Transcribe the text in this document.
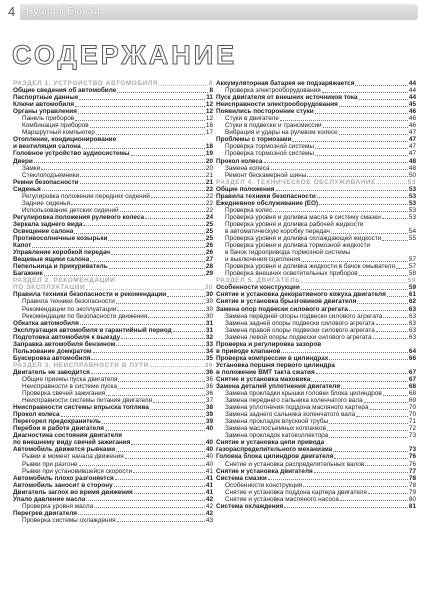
Hyundai Elantra
4
СОДЕРЖАНИЕ
РАЗДЕЛ 1. УСТРОЙСТВО АВТОМОБИЛЯ	8
Общие сведения об автомобиле	8
Паспортные данные	11
Ключи автомобиля	12
Органы управления	12
Панель приборов	12
Комбинация приборов	16
Маршрутный компьютер	17
Отопление, кондиционирование
и вентиляция салона	18
Головное устройство аудиосистемы	19
Двери	20
Замки	20
Стеклоподъемники	21
Ремни безопасности	21
Сиденья	22
Регулировка положения передних сидений	22
Задние сиденья	22
Использование детских сидений	22
Регулировка положения рулевого колеса	24
Зеркала заднего вида	25
Освещение салона	25
Противосолнечные козырьки	25
Капот	26
Управление коробкой передач	26
Вещевые ящики салона	27
Пепельница и прикуриватель	28
Багажник	29
РАЗДЕЛ 2. РЕКОМЕНДАЦИИ
ПО ЭКСПЛУАТАЦИИ	30
Правила техники безопасности и рекомендации	30
Правила техники безопасности	30
Рекомендации по эксплуатации	30
Рекомендации по безопасности движения	30
Обкатка автомобиля	31
Эксплуатация автомобиля в гарантийный период	31
Подготовка автомобиля к выезду	32
Заправка автомобиля бензином	33
Пользование домкратом	34
Буксировка автомобиля	35
РАЗДЕЛ 3. НЕИСПРАВНОСТИ В ПУТИ	36
Двигатель не заводится	36
Общие приемы пуска двигателя	36
Неисправности в системе пуска	36
Проверка свечей зажигания	36
Неисправности системы питания двигателя	37
Неисправности системы впрыска топлива	38
Прокол колеса	39
Перегорел предохранитель	39
Перебои в работе двигателя	40
Диагностика состояния двигателя
по внешнему виду свечей зажигания	40
Автомобиль движется рывками	40
Рывки в момент начала движения	40
Рывки при разгоне	40
Рывки при установившейся скорости	41
Автомобиль плохо разгоняется	41
Автомобиль заносит в сторону	41
Двигатель заглох во время движения	41
Упало давление масла	42
Проверка уровня масла	42
Перегрев двигателя	42
Проверка системы охлаждения	43
Аккумуляторная батарея не подзаряжается	44
Проверка электрооборудования	44
Пуск двигателя от внешних источников тока	44
Неисправности электрооборудования	45
Появились посторонние стуки	46
Стуки в двигателе	46
Стуки в подвеске и трансмиссии	46
Вибрация и удары на рулевом колесе	47
Проблемы с тормозами	47
Проверка тормозной системы	47
Проверка тормозной системы	47
Прокол колеса	48
Замена колеса	48
Ремонт бескамерной шины	50
РАЗДЕЛ 4. ТЕХНИЧЕСКОЕ ОБСЛУЖИВАНИЕ	53
Общие положения	53
Правила техники безопасности	53
Ежедневное обслуживание (ЕО)	53
Проверка колес	53
Проверка уровня и доливка масла в систему смазки	53
Проверка уровня и доливка рабочей жидкости
в автоматическую коробку передач	54
Проверка уровня и доливка охлаждающей жидкости	55
Проверка уровня и доливка тормозной жидкости
в бачок гидропривода тормозной системы
и выключения сцепления	57
Проверка уровня и доливка жидкости в бачок омывателя 57
Проверка внешних осветительных приборов	58
РАЗДЕЛ 5. ДВИГАТЕЛЬ	59
Особенности конструкции	59
Снятие и установка декоративного кожуха двигателя	61
Снятие и установка брызговиков двигателя	62
Замена опор подвески силового агрегата	63
Замена передней опоры подвески силового агрегата	63
Замена задней опоры подвески силового агрегата	63
Замена правой опоры подвески силового агрегата	63
Замена левой опоры подвески силового агрегата	63
Проверка и регулировка зазоров
в приводе клапанов	64
Проверка компрессии в цилиндрах	66
Установка поршня первого цилиндра
в положение ВМТ такта сжатия	67
Снятие и установка маховика	67
Замена деталей уплотнения двигателя	68
Замена прокладки крышки головки блока цилиндров	68
Замена переднего сальника коленчатого вала	69
Замена уплотнения поддона масляного картера	70
Замена заднего сальника коленчатого вала	70
Замена прокладок впускной трубы	71
Замена маслосъемных колпачков	72
Замена прокладок катоколлектора	73
Снятие и установка цепи привода
газораспределительного механизма	73
Головка блока цилиндров двигателя	76
Снятие и установка распределительных валов	76
Снятие и установка двигателя	77
Система смазки	78
Особенности конструкции	78
Снятие и установка поддона картера двигателя	79
Снятие и установка масляного насоса	80
Система охлаждения	81
